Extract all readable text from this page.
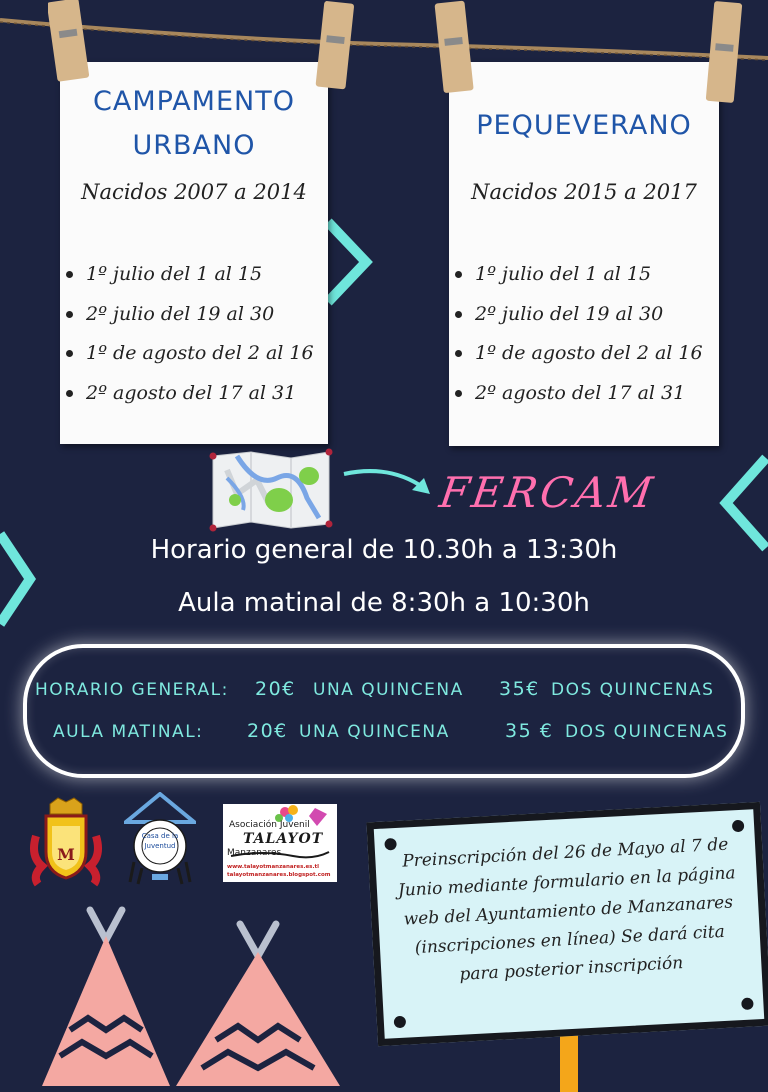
CAMPAMENTO
URBANO
Nacidos 2007 a 2014
1º julio del 1 al 15
2º julio del 19 al 30
1º de agosto del 2 al 16
2º agosto del 17 al 31
PEQUEVERANO
Nacidos 2015 a 2017
1º julio del 1 al 15
2º julio del 19 al 30
1º de agosto del 2 al 16
2º agosto del 17 al 31
FERCAM
Horario general de 10.30h a 13:30h
Aula matinal de 8:30h a 10:30h
HORARIO GENERAL: 20€ UNA QUINCENA 35€ DOS QUINCENAS
AULA MATINAL: 20€ UNA QUINCENA	35 € DOS QUINCENAS
M
Casa de la
Juventud
Asociación Juvenil
TALAYOT
Manzanares
www.talayotmanzanares.es.tl
talayotmanzanares.blogspot.com
Preinscripción del 26 de Mayo al 7 de Junio mediante formulario en la página web del Ayuntamiento de Manzanares (inscripciones en línea) Se dará cita para posterior inscripción
